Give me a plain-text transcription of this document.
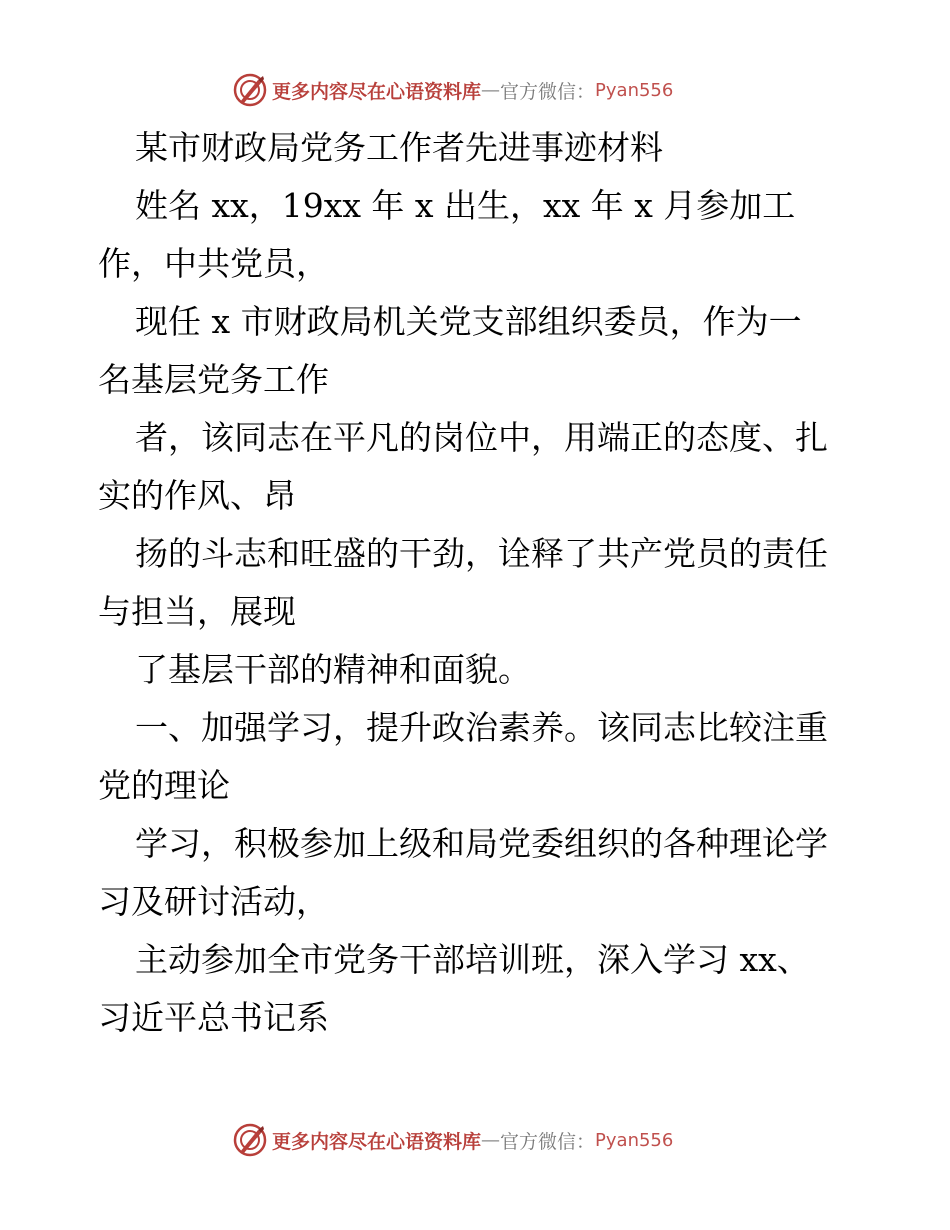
更多内容尽在心语资料库 — 官方微信： Pyan556
某市财政局党务工作者先进事迹材料
姓名 xx，19xx 年 x 出生，xx 年 x 月参加工
作，中共党员，
现任 x 市财政局机关党支部组织委员，作为一
名基层党务工作
者，该同志在平凡的岗位中，用端正的态度、扎
实的作风、昂
扬的斗志和旺盛的干劲，诠释了共产党员的责任
与担当，展现
了基层干部的精神和面貌。
一、加强学习，提升政治素养。该同志比较注重
党的理论
学习，积极参加上级和局党委组织的各种理论学
习及研讨活动，
主动参加全市党务干部培训班，深入学习 xx、
习近平总书记系
更多内容尽在心语资料库 — 官方微信： Pyan556
